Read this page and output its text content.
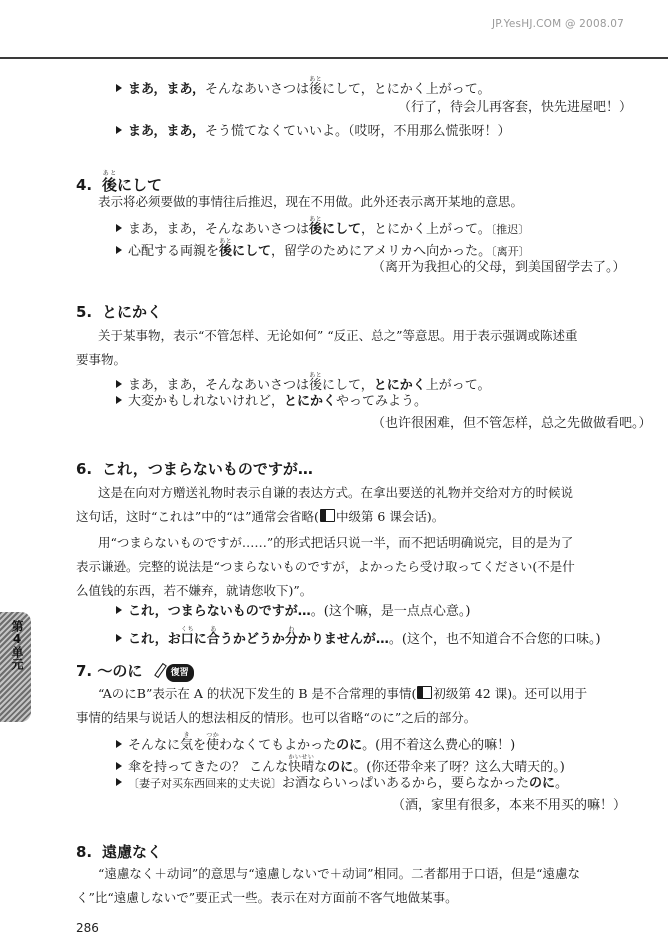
JP.YesHJ.COM @ 2008.07
第4单元
まあ，まあ，そんなあいさつは後あとにして，とにかく上がって。
（行了，待会儿再客套，快先进屋吧！）
まあ，まあ，そう慌てなくていいよ。（哎呀，不用那么慌张呀！）
4. 後あとにして
表示将必须要做的事情往后推迟，现在不用做。此外还表示离开某地的意思。
まあ，まあ，そんなあいさつは後あとにして，とにかく上がって。〔推迟〕
心配する両親を後あとにして，留学のためにアメリカへ向かった。〔离开〕
（离开为我担心的父母，到美国留学去了。）
5. とにかく
关于某事物，表示“不管怎样、无论如何” “反正、总之”等意思。用于表示强调或陈述重
要事物。
まあ，まあ，そんなあいさつは後あとにして，とにかく上がって。
大変かもしれないけれど，とにかくやってみよう。
（也许很困难，但不管怎样，总之先做做看吧。）
6. これ，つまらないものですが…
这是在向对方赠送礼物时表示自谦的表达方式。在拿出要送的礼物并交给对方的时候说
这句话，这时“これは”中的“は”通常会省略( 中级第 6 课会话)。
用“つまらないものですが……”的形式把话只说一半，而不把话明确说完，目的是为了
表示谦逊。完整的说法是“つまらないものですが，よかったら受け取ってください(不是什
么值钱的东西，若不嫌弃，就请您收下)”。
これ，つまらないものですが…。(这个嘛，是一点点心意。)
これ，お口くちに合あうかどうか分わかりませんが…。(这个，也不知道合不合您的口味。)
7. ～のに	復習
“AのにB”表示在 A 的状况下发生的 B 是不合常理的事情( 初级第 42 课)。还可以用于
事情的结果与说话人的想法相反的情形。也可以省略“のに”之后的部分。
そんなに気きを使つかわなくてもよかったのに。(用不着这么费心的嘛！)
傘を持ってきたの？ こんな快晴かいせいなのに。(你还带伞来了呀？这么大晴天的。)
〔妻子对买东西回来的丈夫说〕お酒ならいっぱいあるから，要らなかったのに。
（酒，家里有很多，本来不用买的嘛！）
8. 遠慮なく
“遠慮なく＋动词”的意思与“遠慮しないで＋动词”相同。二者都用于口语，但是“遠慮な
く”比“遠慮しないで”要正式一些。表示在对方面前不客气地做某事。
286
